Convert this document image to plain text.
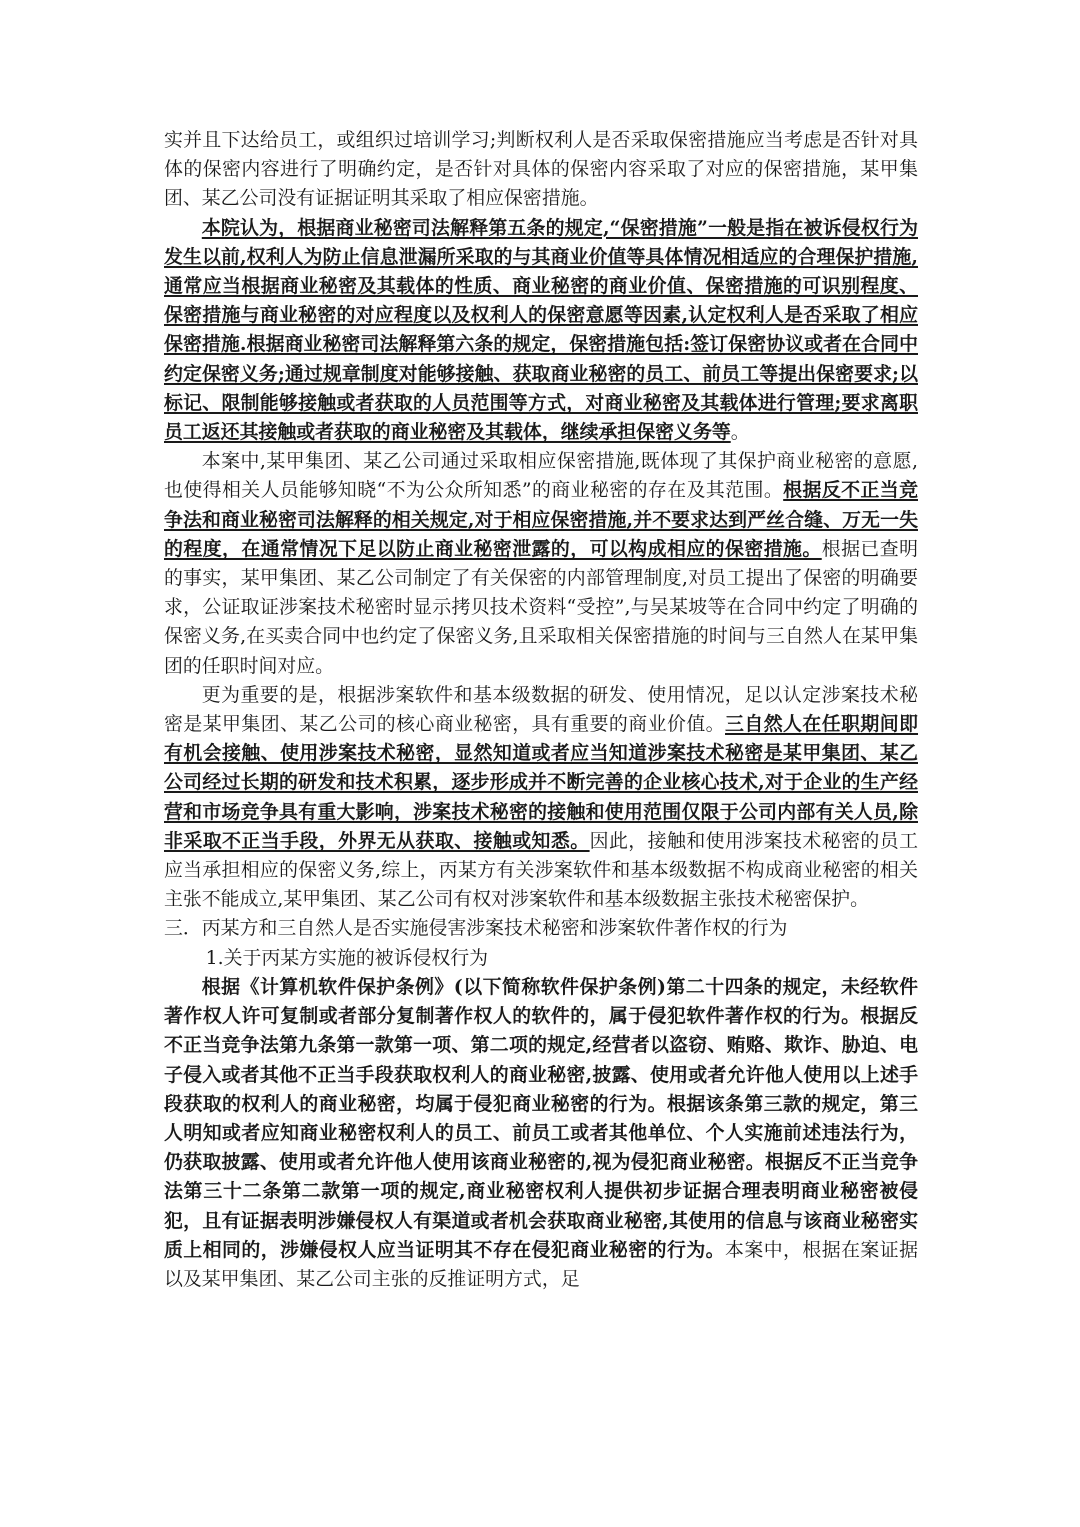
实并且下达给员工，或组织过培训学习;判断权利人是否采取保密措施应当考虑是否针对具体的保密内容进行了明确约定，是否针对具体的保密内容采取了对应的保密措施，某甲集团、某乙公司没有证据证明其采取了相应保密措施。

本院认为，根据商业秘密司法解释第五条的规定,“保密措施”一般是指在被诉侵权行为发生以前,权利人为防止信息泄漏所采取的与其商业价值等具体情况相适应的合理保护措施,通常应当根据商业秘密及其载体的性质、商业秘密的商业价值、保密措施的可识别程度、保密措施与商业秘密的对应程度以及权利人的保密意愿等因素,认定权利人是否采取了相应保密措施.根据商业秘密司法解释第六条的规定，保密措施包括:签订保密协议或者在合同中约定保密义务;通过规章制度对能够接触、获取商业秘密的员工、前员工等提出保密要求;以标记、限制能够接触或者获取的人员范围等方式，对商业秘密及其载体进行管理;要求离职员工返还其接触或者获取的商业秘密及其载体，继续承担保密义务等。

本案中,某甲集团、某乙公司通过采取相应保密措施,既体现了其保护商业秘密的意愿,也使得相关人员能够知晓“不为公众所知悉”的商业秘密的存在及其范围。根据反不正当竞争法和商业秘密司法解释的相关规定,对于相应保密措施,并不要求达到严丝合缝、万无一失的程度，在通常情况下足以防止商业秘密泄露的，可以构成相应的保密措施。根据已查明的事实，某甲集团、某乙公司制定了有关保密的内部管理制度,对员工提出了保密的明确要求，公证取证涉案技术秘密时显示拷贝技术资料“受控”,与吴某坡等在合同中约定了明确的保密义务,在买卖合同中也约定了保密义务,且采取相关保密措施的时间与三自然人在某甲集团的任职时间对应。

更为重要的是，根据涉案软件和基本级数据的研发、使用情况，足以认定涉案技术秘密是某甲集团、某乙公司的核心商业秘密，具有重要的商业价值。三自然人在任职期间即有机会接触、使用涉案技术秘密，显然知道或者应当知道涉案技术秘密是某甲集团、某乙公司经过长期的研发和技术积累，逐步形成并不断完善的企业核心技术,对于企业的生产经营和市场竞争具有重大影响，涉案技术秘密的接触和使用范围仅限于公司内部有关人员,除非采取不正当手段，外界无从获取、接触或知悉。因此，接触和使用涉案技术秘密的员工应当承担相应的保密义务,综上，丙某方有关涉案软件和基本级数据不构成商业秘密的相关主张不能成立,某甲集团、某乙公司有权对涉案软件和基本级数据主张技术秘密保护。

三．丙某方和三自然人是否实施侵害涉案技术秘密和涉案软件著作权的行为

1.关于丙某方实施的被诉侵权行为

根据《计算机软件保护条例》(以下简称软件保护条例)第二十四条的规定，未经软件著作权人许可复制或者部分复制著作权人的软件的，属于侵犯软件著作权的行为。根据反不正当竞争法第九条第一款第一项、第二项的规定,经营者以盗窃、贿赂、欺诈、胁迫、电子侵入或者其他不正当手段获取权利人的商业秘密,披露、使用或者允许他人使用以上述手段获取的权利人的商业秘密，均属于侵犯商业秘密的行为。根据该条第三款的规定，第三人明知或者应知商业秘密权利人的员工、前员工或者其他单位、个人实施前述违法行为，仍获取披露、使用或者允许他人使用该商业秘密的,视为侵犯商业秘密。根据反不正当竞争法第三十二条第二款第一项的规定,商业秘密权利人提供初步证据合理表明商业秘密被侵犯，且有证据表明涉嫌侵权人有渠道或者机会获取商业秘密,其使用的信息与该商业秘密实质上相同的，涉嫌侵权人应当证明其不存在侵犯商业秘密的行为。本案中，根据在案证据以及某甲集团、某乙公司主张的反推证明方式，足
